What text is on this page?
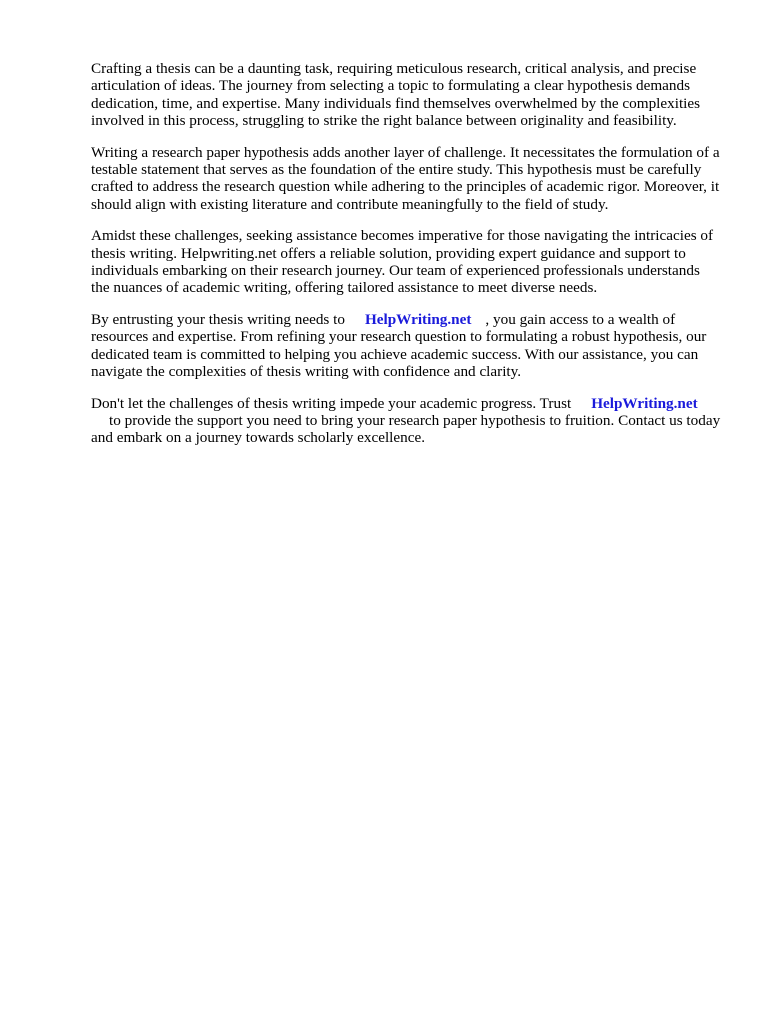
Crafting a thesis can be a daunting task, requiring meticulous research, critical analysis, and precise articulation of ideas. The journey from selecting a topic to formulating a clear hypothesis demands dedication, time, and expertise. Many individuals find themselves overwhelmed by the complexities involved in this process, struggling to strike the right balance between originality and feasibility.

Writing a research paper hypothesis adds another layer of challenge. It necessitates the formulation of a testable statement that serves as the foundation of the entire study. This hypothesis must be carefully crafted to address the research question while adhering to the principles of academic rigor. Moreover, it should align with existing literature and contribute meaningfully to the field of study.

Amidst these challenges, seeking assistance becomes imperative for those navigating the intricacies of thesis writing. Helpwriting.net offers a reliable solution, providing expert guidance and support to individuals embarking on their research journey. Our team of experienced professionals understands the nuances of academic writing, offering tailored assistance to meet diverse needs.

By entrusting your thesis writing needs to HelpWriting.net , you gain access to a wealth of resources and expertise. From refining your research question to formulating a robust hypothesis, our dedicated team is committed to helping you achieve academic success. With our assistance, you can navigate the complexities of thesis writing with confidence and clarity.

Don't let the challenges of thesis writing impede your academic progress. Trust HelpWriting.net
to provide the support you need to bring your research paper hypothesis to fruition. Contact us today and embark on a journey towards scholarly excellence.
